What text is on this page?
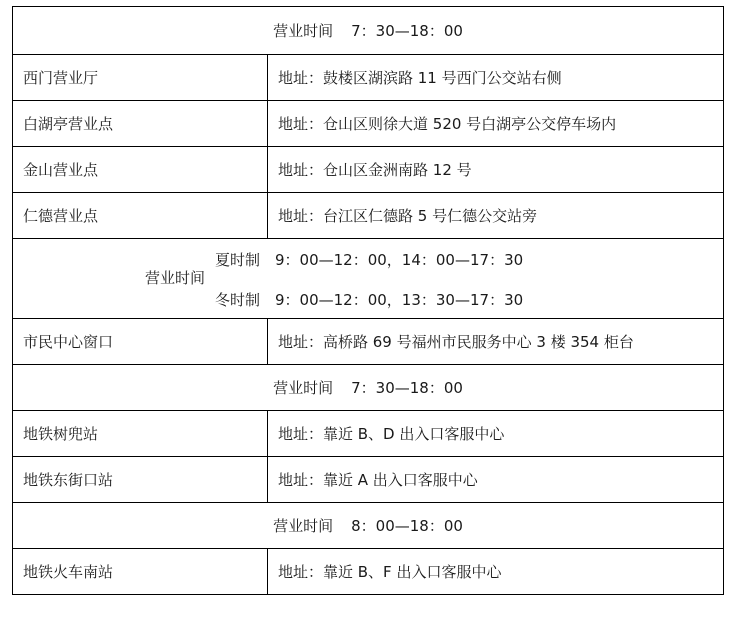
营业时间 7：30—18：00	
西门营业厅	地址：鼓楼区湖滨路 11 号西门公交站右侧
白湖亭营业点	地址：仓山区则徐大道 520 号白湖亭公交停车场内
金山营业点	地址：仓山区金洲南路 12 号
仁德营业点	地址：台江区仁德路 5 号仁德公交站旁

营业时间
夏时制 9：00—12：00，14：00—17：30
冬时制 9：00—12：00，13：30—17：30	

市民中心窗口	地址：高桥路 69 号福州市民服务中心 3 楼 354 柜台
营业时间 7：30—18：00	
地铁树兜站	地址：靠近 B、D 出入口客服中心
地铁东街口站	地址：靠近 A 出入口客服中心
营业时间 8：00—18：00	
地铁火车南站	地址：靠近 B、F 出入口客服中心
